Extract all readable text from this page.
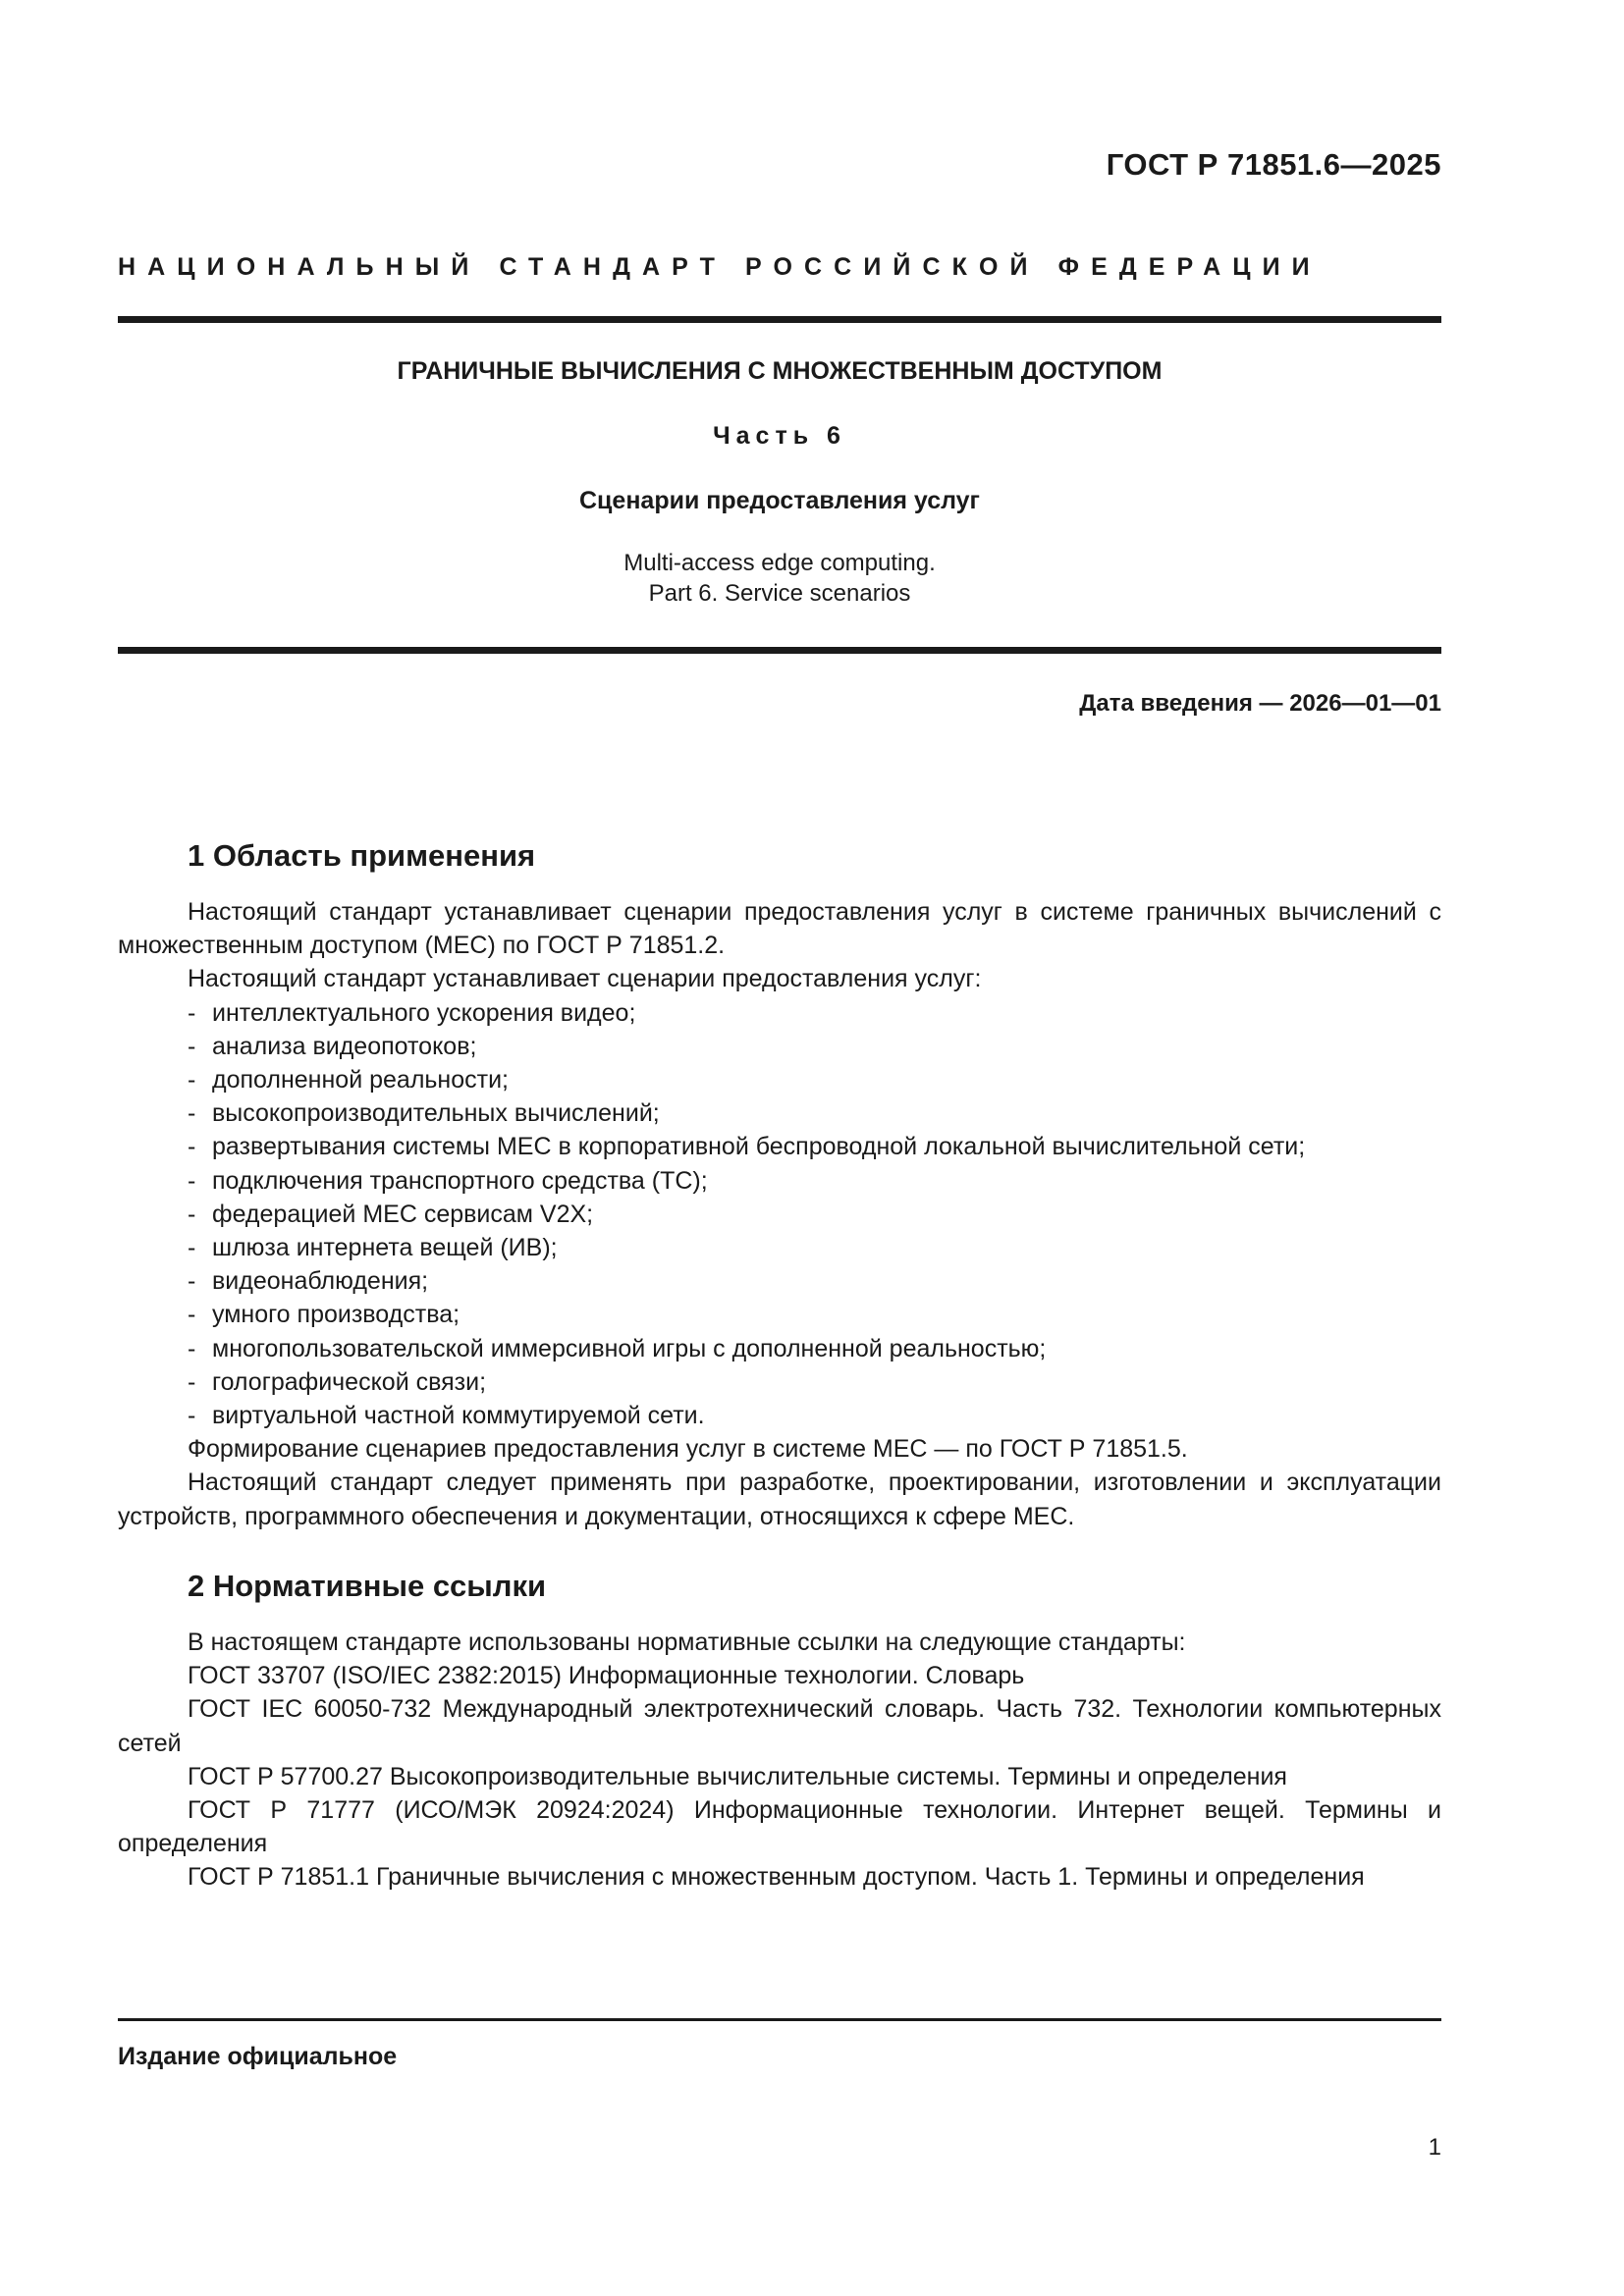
ГОСТ Р 71851.6—2025
НАЦИОНАЛЬНЫЙ СТАНДАРТ РОССИЙСКОЙ ФЕДЕРАЦИИ
ГРАНИЧНЫЕ ВЫЧИСЛЕНИЯ С МНОЖЕСТВЕННЫМ ДОСТУПОМ
Часть 6
Сценарии предоставления услуг
Multi-access edge computing.
Part 6. Service scenarios
Дата введения — 2026—01—01
1 Область применения

Настоящий стандарт устанавливает сценарии предоставления услуг в системе граничных вычислений с множественным доступом (МЕС) по ГОСТ Р 71851.2.

Настоящий стандарт устанавливает сценарии предоставления услуг:

- интеллектуального ускорения видео;
- анализа видеопотоков;
- дополненной реальности;
- высокопроизводительных вычислений;
- развертывания системы МЕС в корпоративной беспроводной локальной вычислительной сети;
- подключения транспортного средства (ТС);
- федерацией МЕС сервисам V2X;
- шлюза интернета вещей (ИВ);
- видеонаблюдения;
- умного производства;
- многопользовательской иммерсивной игры с дополненной реальностью;
- голографической связи;
- виртуальной частной коммутируемой сети.

Формирование сценариев предоставления услуг в системе МЕС — по ГОСТ Р 71851.5.

Настоящий стандарт следует применять при разработке, проектировании, изготовлении и эксплуатации устройств, программного обеспечения и документации, относящихся к сфере МЕС.

2 Нормативные ссылки

В настоящем стандарте использованы нормативные ссылки на следующие стандарты:

ГОСТ 33707 (ISO/IEC 2382:2015) Информационные технологии. Словарь

ГОСТ IEC 60050-732 Международный электротехнический словарь. Часть 732. Технологии компьютерных сетей

ГОСТ Р 57700.27 Высокопроизводительные вычислительные системы. Термины и определения

ГОСТ Р 71777 (ИСО/МЭК 20924:2024) Информационные технологии. Интернет вещей. Термины и определения

ГОСТ Р 71851.1 Граничные вычисления с множественным доступом. Часть 1. Термины и определения

Издание официальное
1
